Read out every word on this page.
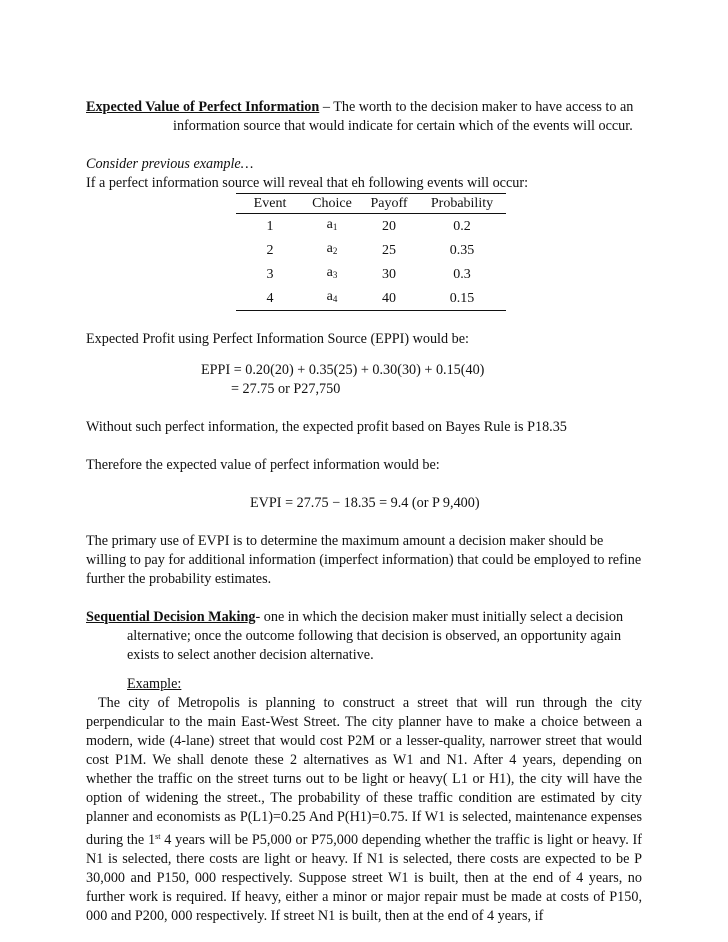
Expected Value of Perfect Information – The worth to the decision maker to have access to an

information source that would indicate for certain which of the events will occur.

Consider previous example…

If a perfect information source will reveal that eh following events will occur:

Event	Choice	Payoff	Probability
1	$a_1$	20	0.2
2	$a_2$	25	0.35
3	$a_3$	30	0.3
4	$a_4$	40	0.15

Expected Profit using Perfect Information Source (EPPI) would be:

EPPI = 0.20(20) + 0.35(25) + 0.30(30) + 0.15(40)

= 27.75 or P27,750

Without such perfect information, the expected profit based on Bayes Rule is P18.35

Therefore the expected value of perfect information would be:

EVPI = 27.75 − 18.35 = 9.4 (or P 9,400)

The primary use of EVPI is to determine the maximum amount a decision maker should be willing to pay for additional information (imperfect information) that could be employed to refine further the probability estimates.

Sequential Decision Making- one in which the decision maker must initially select a decision

alternative; once the outcome following that decision is observed, an opportunity again

exists to select another decision alternative.

Example:

The city of Metropolis is planning to construct a street that will run through the city perpendicular to the main East-West Street. The city planner have to make a choice between a modern, wide (4-lane) street that would cost P2M or a lesser-quality, narrower street that would cost P1M. We shall denote these 2 alternatives as W1 and N1. After 4 years, depending on whether the traffic on the street turns out to be light or heavy( L1 or H1), the city will have the option of widening the street., The probability of these traffic condition are estimated by city planner and economists as P(L1)=0.25 And P(H1)=0.75. If W1 is selected, maintenance expenses during the 1st 4 years will be P5,000 or P75,000 depending whether the traffic is light or heavy. If N1 is selected, there costs are light or heavy. If N1 is selected, there costs are expected to be P 30,000 and P150, 000 respectively. Suppose street W1 is built, then at the end of 4 years, no further work is required. If heavy, either a minor or major repair must be made at costs of P150, 000 and P200, 000 respectively. If street N1 is built, then at the end of 4 years, if
